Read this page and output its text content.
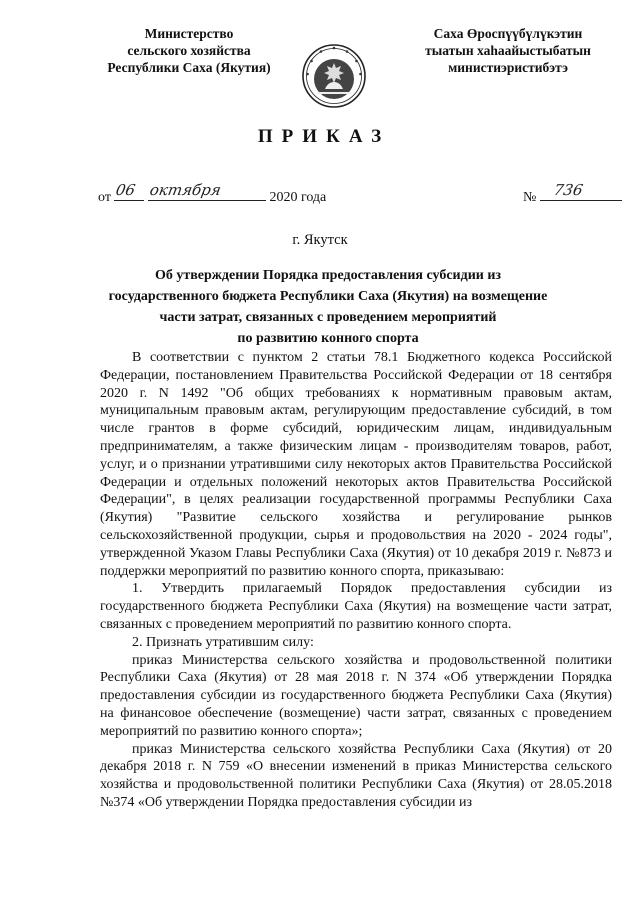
Министерство
сельского хозяйства
Республики Саха (Якутия)
Саха Өроспүүбүлүкэтин
тыатын хаһаайыстыбатын
министиэристибэтэ
ПРИКАЗ
от 06
октября	2020 года	№ 736
г. Якутск
Об утверждении Порядка предоставления субсидии из
государственного бюджета Республики Саха (Якутия) на возмещение
части затрат, связанных с проведением мероприятий
по развитию конного спорта

В соответствии с пунктом 2 статьи 78.1 Бюджетного кодекса Российской Федерации, постановлением Правительства Российской Федерации от 18 сентября 2020 г. N 1492 "Об общих требованиях к нормативным правовым актам, муниципальным правовым актам, регулирующим предоставление субсидий, в том числе грантов в форме субсидий, юридическим лицам, индивидуальным предпринимателям, а также физическим лицам - производителям товаров, работ, услуг, и о признании утратившими силу некоторых актов Правительства Российской Федерации и отдельных положений некоторых актов Правительства Российской Федерации", в целях реализации государственной программы Республики Саха (Якутия) "Развитие сельского хозяйства и регулирование рынков сельскохозяйственной продукции, сырья и продовольствия на 2020 - 2024 годы", утвержденной Указом Главы Республики Саха (Якутия) от 10 декабря 2019 г. №873 и поддержки мероприятий по развитию конного спорта, приказываю:

1. Утвердить прилагаемый Порядок предоставления субсидии из государственного бюджета Республики Саха (Якутия) на возмещение части затрат, связанных с проведением мероприятий по развитию конного спорта.

2. Признать утратившим силу:

приказ Министерства сельского хозяйства и продовольственной политики Республики Саха (Якутия) от 28 мая 2018 г. N 374 «Об утверждении Порядка предоставления субсидии из государственного бюджета Республики Саха (Якутия) на финансовое обеспечение (возмещение) части затрат, связанных с проведением мероприятий по развитию конного спорта»;

приказ Министерства сельского хозяйства Республики Саха (Якутия) от 20 декабря 2018 г. N 759 «О внесении изменений в приказ Министерства сельского хозяйства и продовольственной политики Республики Саха (Якутия) от 28.05.2018 №374 «Об утверждении Порядка предоставления субсидии из
